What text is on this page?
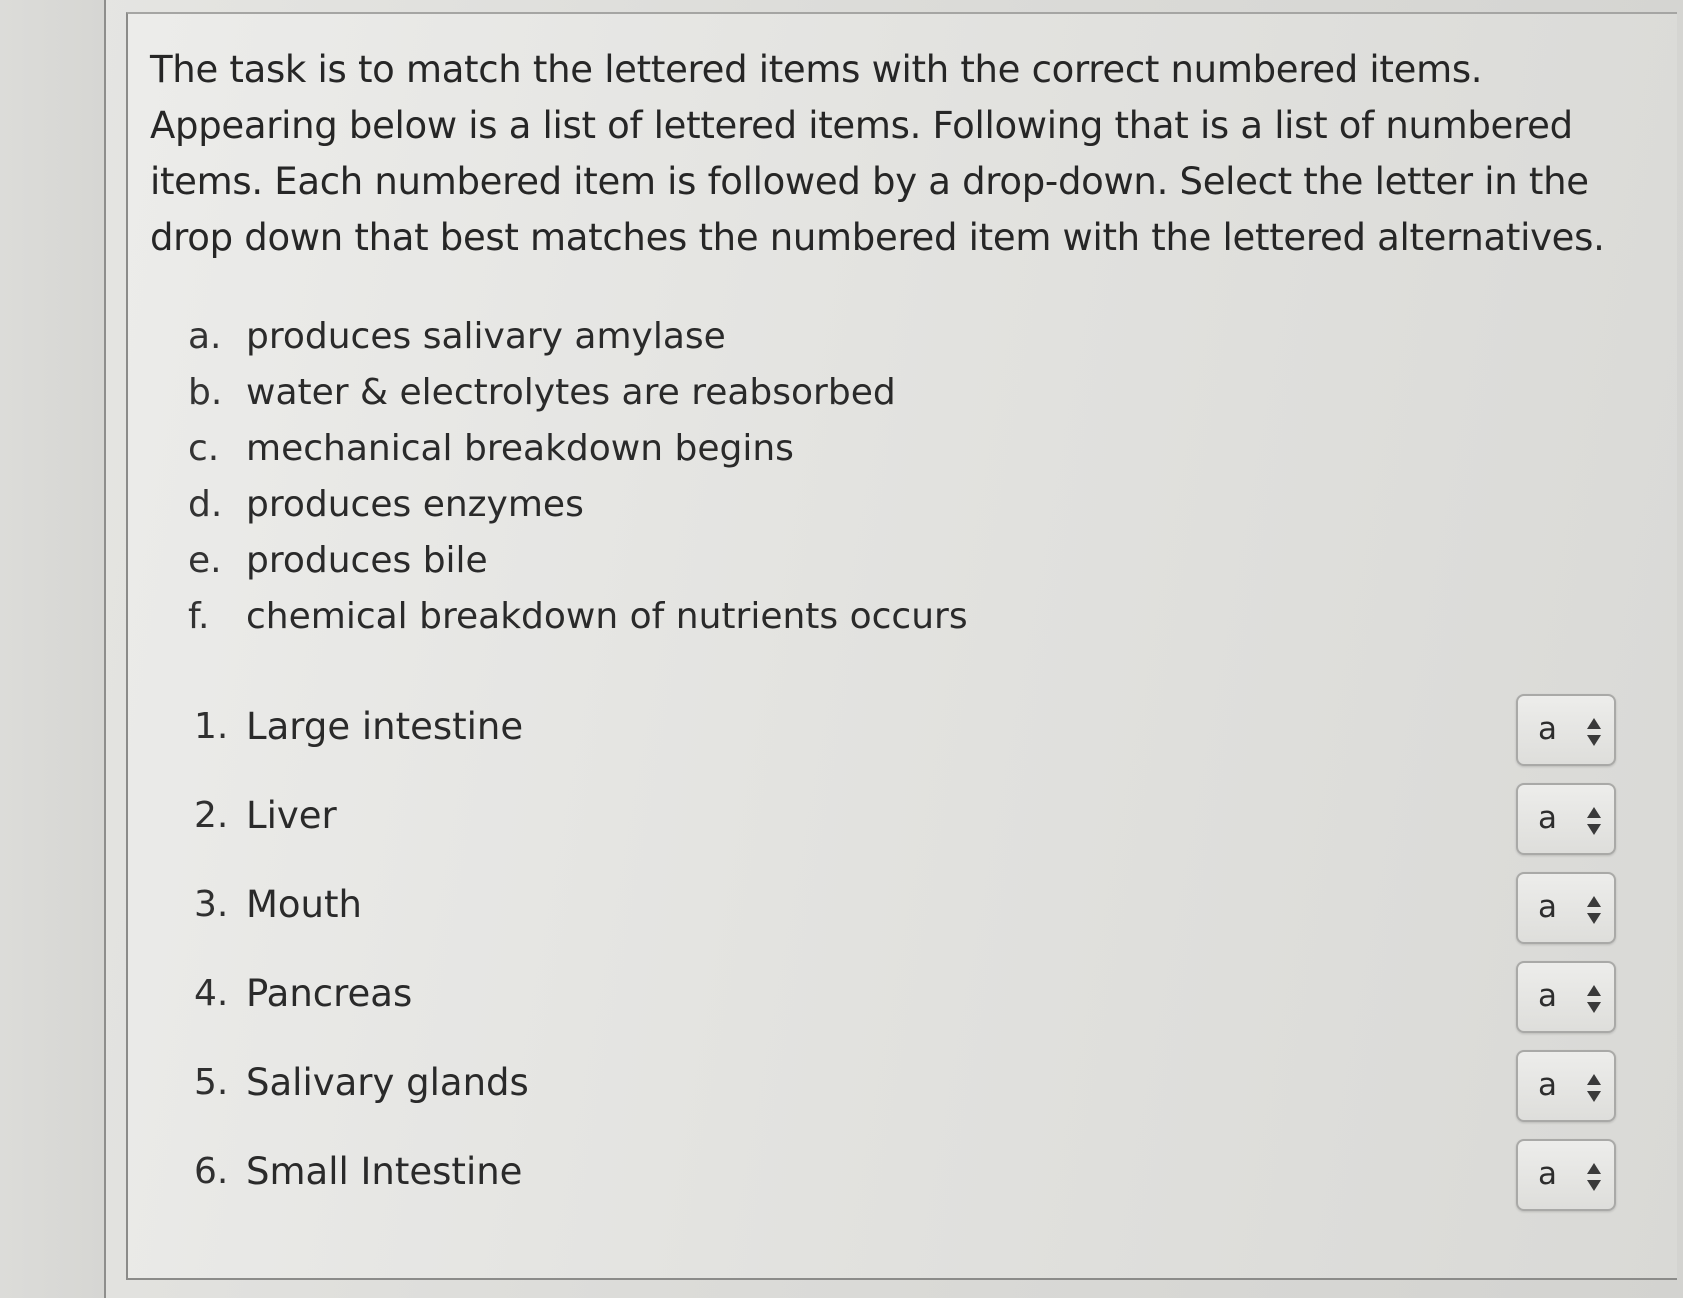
The task is to match the lettered items with the correct numbered items. Appearing below is a list of lettered items. Following that is a list of numbered items. Each numbered item is followed by a drop-down. Select the letter in the drop down that best matches the numbered item with the lettered alternatives.

a. produces salivary amylase
b. water & electrolytes are reabsorbed
c. mechanical breakdown begins
d. produces enzymes
e. produces bile
f.	chemical breakdown of nutrients occurs
1. Large intestine	a
2. Liver	a
3. Mouth	a
4. Pancreas	a
5. Salivary glands	a
6. Small Intestine	a
